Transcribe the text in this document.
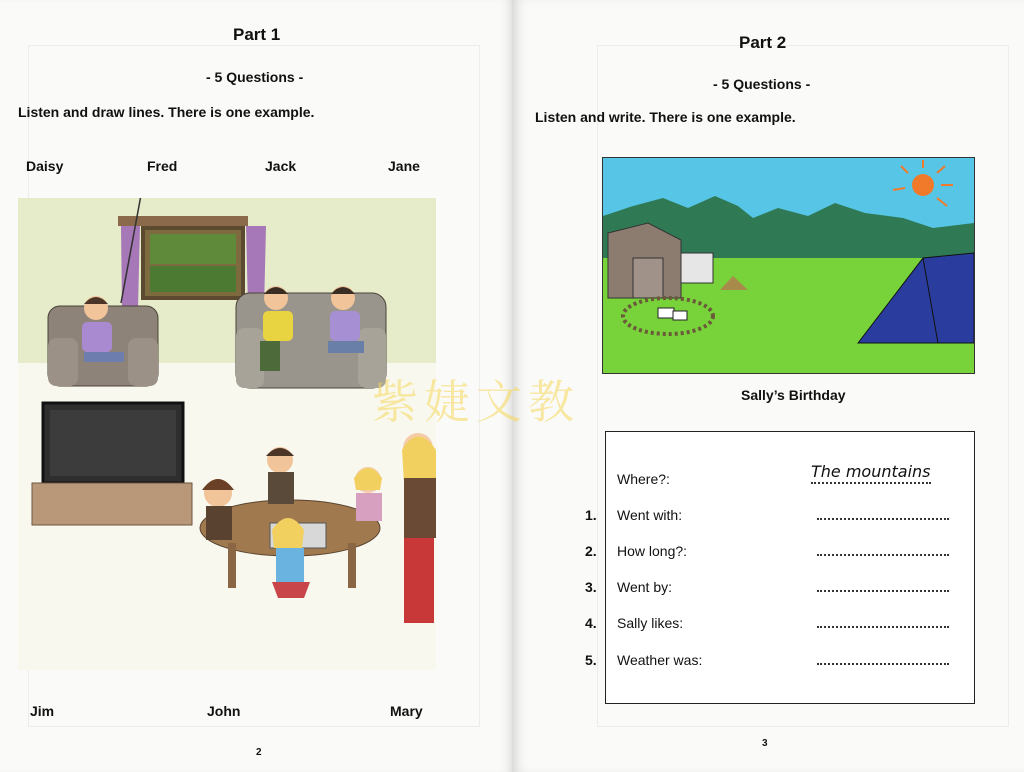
Part 1
- 5 Questions -
Listen and draw lines. There is one example.
Daisy	Fred	Jack	Jane
Jim	John	Mary
2
Part 2
- 5 Questions -
Listen and write. There is one example.
Sally’s Birthday
Where?:	The mountains
1. Went with:
2. How long?:
3. Went by:
4. Sally likes:
5. Weather was:
3
紫婕文教
